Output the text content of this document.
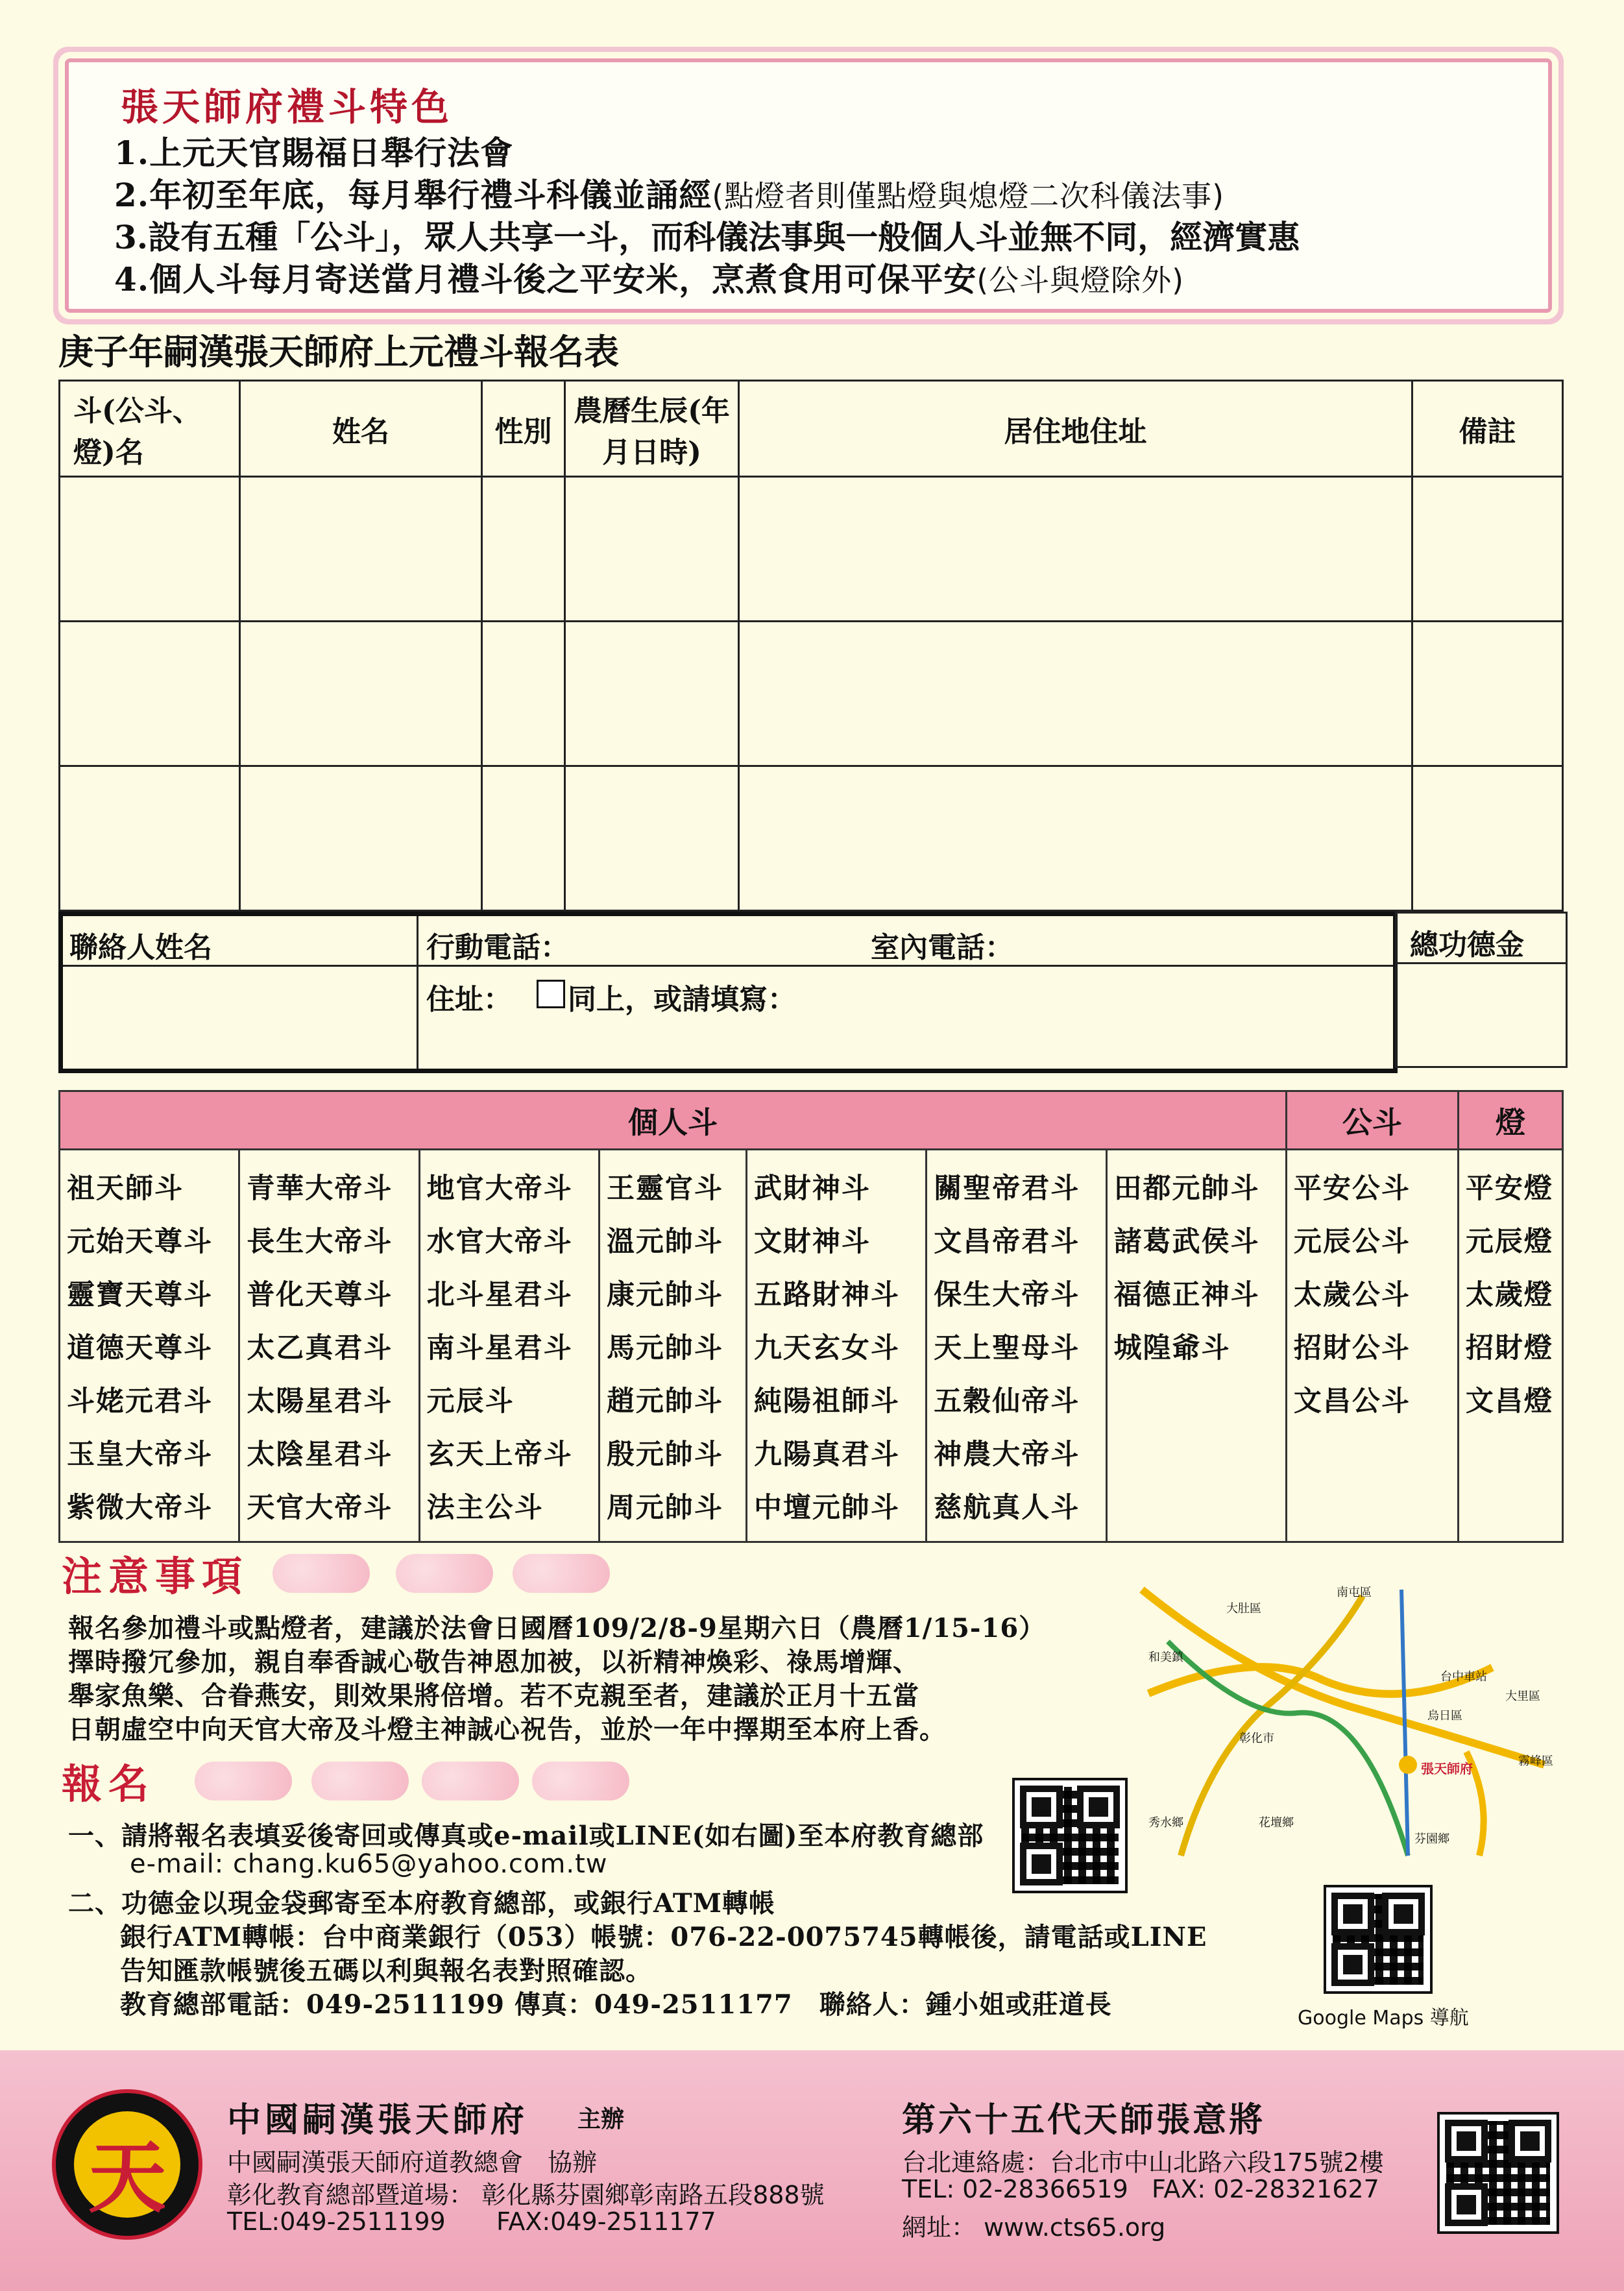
張天師府禮斗特色
1.上元天官賜福日舉行法會
2.年初至年底，每月舉行禮斗科儀並誦經(點燈者則僅點燈與熄燈二次科儀法事)
3.設有五種「公斗」，眾人共享一斗，而科儀法事與一般個人斗並無不同，經濟實惠
4.個人斗每月寄送當月禮斗後之平安米，烹煮食用可保平安(公斗與燈除外)
庚子年嗣漢張天師府上元禮斗報名表
斗(公斗、燈)名	姓名	性別	農曆生辰(年月日時)	居住地住址	備註

聯絡人姓名	行動電話：	室內電話：
住址： 同上，或請填寫：
總功德金
個人斗							公斗	燈
祖天師斗	青華大帝斗	地官大帝斗	王靈官斗	武財神斗	關聖帝君斗	田都元帥斗	平安公斗	平安燈
元始天尊斗	長生大帝斗	水官大帝斗	溫元帥斗	文財神斗	文昌帝君斗	諸葛武侯斗	元辰公斗	元辰燈
靈寶天尊斗	普化天尊斗	北斗星君斗	康元帥斗	五路財神斗	保生大帝斗	福德正神斗	太歲公斗	太歲燈
道德天尊斗	太乙真君斗	南斗星君斗	馬元帥斗	九天玄女斗	天上聖母斗	城隍爺斗	招財公斗	招財燈
斗姥元君斗	太陽星君斗	元辰斗	趙元帥斗	純陽祖師斗	五穀仙帝斗		文昌公斗	文昌燈
玉皇大帝斗	太陰星君斗	玄天上帝斗	殷元帥斗	九陽真君斗	神農大帝斗			
紫微大帝斗	天官大帝斗	法主公斗	周元帥斗	中壇元帥斗	慈航真人斗			
注意事項
報名參加禮斗或點燈者，建議於法會日國曆109/2/8-9星期六日（農曆1/15-16）
擇時撥冗參加，親自奉香誠心敬告神恩加被，以祈精神煥彩、祿馬增輝、
舉家魚樂、合眷燕安，則效果將倍增。若不克親至者，建議於正月十五當
日朝虛空中向天官大帝及斗燈主神誠心祝告，並於一年中擇期至本府上香。
報名
一、請將報名表填妥後寄回或傳真或e-mail或LINE(如右圖)至本府教育總部
e-mail: chang.ku65@yahoo.com.tw
二、功德金以現金袋郵寄至本府教育總部，或銀行ATM轉帳
銀行ATM轉帳：台中商業銀行（053）帳號：076-22-0075745轉帳後，請電話或LINE
告知匯款帳號後五碼以利與報名表對照確認。
教育總部電話：049-2511199 傳真：049-2511177　聯絡人：鍾小姐或莊道長
大肚區
南屯區
和美鎮
彰化市
台中車站
烏日區
大里區
霧峰區
秀水鄉	花壇鄉
芬園鄉
張天師府
Google Maps 導航
天
中國嗣漢張天師府 主辦
中國嗣漢張天師府道教總會　協辦
彰化教育總部暨道場： 彰化縣芬園鄉彰南路五段888號
TEL:049-2511199 FAX:049-2511177
第六十五代天師張意將
台北連絡處：台北市中山北路六段175號2樓
TEL: 02-28366519 FAX: 02-28321627
網址： www.cts65.org
